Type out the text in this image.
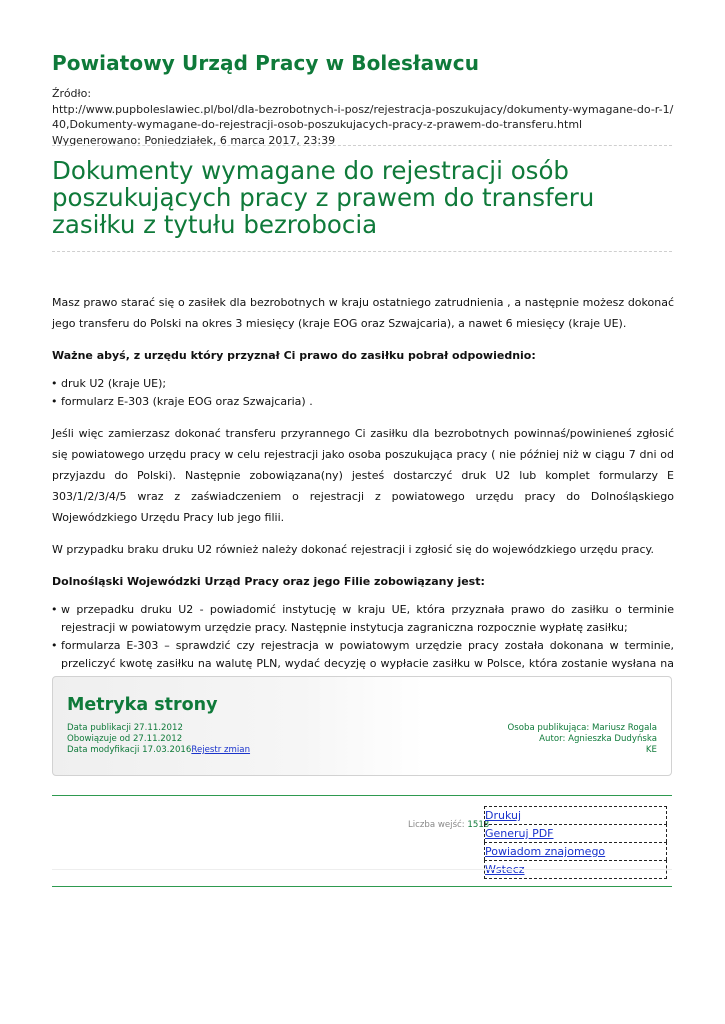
Powiatowy Urząd Pracy w Bolesławcu
Źródło:
http://www.pupboleslawiec.pl/bol/dla-bezrobotnych-i-posz/rejestracja-poszukujacy/dokumenty-wymagane-do-r-1/40,Dokumenty-wymagane-do-rejestracji-osob-poszukujacych-pracy-z-prawem-do-transferu.html
Wygenerowano: Poniedziałek, 6 marca 2017, 23:39
Dokumenty wymagane do rejestracji osób poszukujących pracy z prawem do transferu zasiłku z tytułu bezrobocia

Masz prawo starać się o zasiłek dla bezrobotnych w kraju ostatniego zatrudnienia , a następnie możesz dokonać jego transferu do Polski na okres 3 miesięcy (kraje EOG oraz Szwajcaria), a nawet 6 miesięcy (kraje UE).

Ważne abyś, z urzędu który przyznał Ci prawo do zasiłku pobrał odpowiednio:

• druk U2 (kraje UE);
• formularz E-303 (kraje EOG oraz Szwajcaria) .

Jeśli więc zamierzasz dokonać transferu przyrannego Ci zasiłku dla bezrobotnych powinnaś/powinieneś zgłosić się powiatowego urzędu pracy w celu rejestracji jako osoba poszukująca pracy ( nie później niż w ciągu 7 dni od przyjazdu do Polski). Następnie zobowiązana(ny) jesteś dostarczyć druk U2 lub komplet formularzy E 303/1/2/3/4/5 wraz z zaświadczeniem o rejestracji z powiatowego urzędu pracy do Dolnośląskiego Wojewódzkiego Urzędu Pracy lub jego filii.

W przypadku braku druku U2 również należy dokonać rejestracji i zgłosić się do wojewódzkiego urzędu pracy.

Dolnośląski Wojewódzki Urząd Pracy oraz jego Filie zobowiązany jest:

• w przepadku druku U2 - powiadomić instytucję w kraju UE, która przyznała prawo do zasiłku o terminie rejestracji w powiatowym urzędzie pracy. Następnie instytucja zagraniczna rozpocznie wypłatę zasiłku;
• formularza E-303 – sprawdzić czy rejestracja w powiatowym urzędzie pracy została dokonana w terminie, przeliczyć kwotę zasiłku na walutę PLN, wydać decyzję o wypłacie zasiłku w Polsce, która zostanie wysłana na
Metryka strony
Data publikacji 27.11.2012
Obowiązuje od 27.11.2012
Data modyfikacji 17.03.2016Rejestr zmian
Osoba publikująca: Mariusz Rogala
Autor: Agnieszka Dudyńska
KE
Liczba wejść: 1518
Drukuj
Generuj PDF
Powiadom znajomego
Wstecz
